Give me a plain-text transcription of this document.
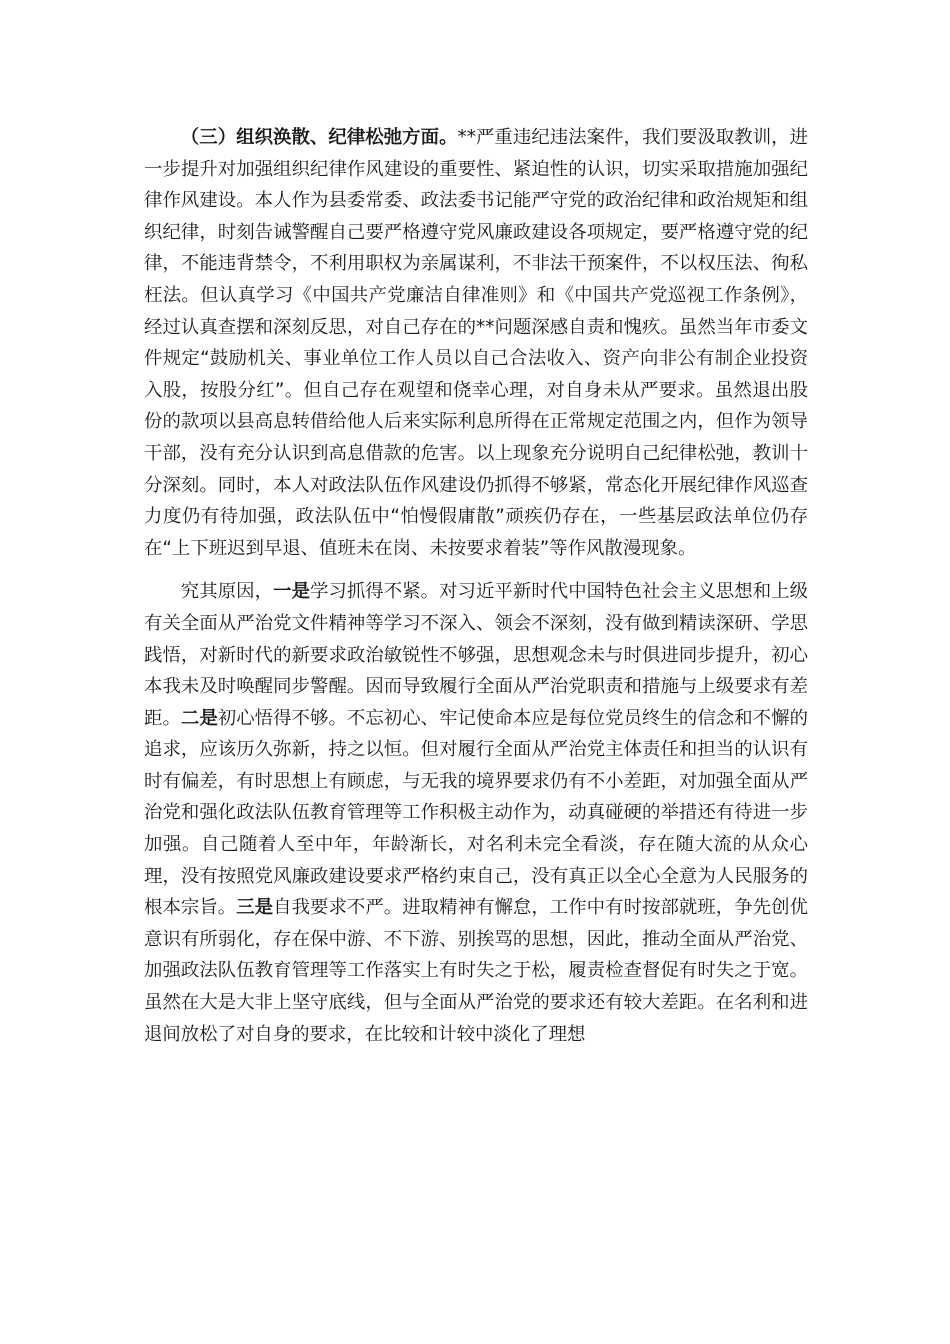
（三）组织涣散、纪律松弛方面。**严重违纪违法案件，我们要汲取教训，进一步提升对加强组织纪律作风建设的重要性、紧迫性的认识，切实采取措施加强纪律作风建设。本人作为县委常委、政法委书记能严守党的政治纪律和政治规矩和组织纪律，时刻告诫警醒自己要严格遵守党风廉政建设各项规定，要严格遵守党的纪律，不能违背禁令，不利用职权为亲属谋利，不非法干预案件，不以权压法、徇私枉法。但认真学习《中国共产党廉洁自律准则》和《中国共产党巡视工作条例》，经过认真查摆和深刻反思，对自己存在的**问题深感自责和愧疚。虽然当年市委文件规定“鼓励机关、事业单位工作人员以自己合法收入、资产向非公有制企业投资入股，按股分红”。但自己存在观望和侥幸心理，对自身未从严要求。虽然退出股份的款项以县高息转借给他人后来实际利息所得在正常规定范围之内，但作为领导干部，没有充分认识到高息借款的危害。以上现象充分说明自己纪律松弛，教训十分深刻。同时，本人对政法队伍作风建设仍抓得不够紧，常态化开展纪律作风巡查力度仍有待加强，政法队伍中“怕慢假庸散”顽疾仍存在，一些基层政法单位仍存在“上下班迟到早退、值班未在岗、未按要求着装”等作风散漫现象。

究其原因，一是学习抓得不紧。对习近平新时代中国特色社会主义思想和上级有关全面从严治党文件精神等学习不深入、领会不深刻，没有做到精读深研、学思践悟，对新时代的新要求政治敏锐性不够强，思想观念未与时俱进同步提升，初心本我未及时唤醒同步警醒。因而导致履行全面从严治党职责和措施与上级要求有差距。二是初心悟得不够。不忘初心、牢记使命本应是每位党员终生的信念和不懈的追求，应该历久弥新，持之以恒。但对履行全面从严治党主体责任和担当的认识有时有偏差，有时思想上有顾虑，与无我的境界要求仍有不小差距，对加强全面从严治党和强化政法队伍教育管理等工作积极主动作为，动真碰硬的举措还有待进一步加强。自己随着人至中年，年龄渐长，对名利未完全看淡，存在随大流的从众心理，没有按照党风廉政建设要求严格约束自己，没有真正以全心全意为人民服务的根本宗旨。三是自我要求不严。进取精神有懈怠，工作中有时按部就班，争先创优意识有所弱化，存在保中游、不下游、别挨骂的思想，因此，推动全面从严治党、加强政法队伍教育管理等工作落实上有时失之于松，履责检查督促有时失之于宽。虽然在大是大非上坚守底线，但与全面从严治党的要求还有较大差距。在名利和进退间放松了对自身的要求，在比较和计较中淡化了理想
